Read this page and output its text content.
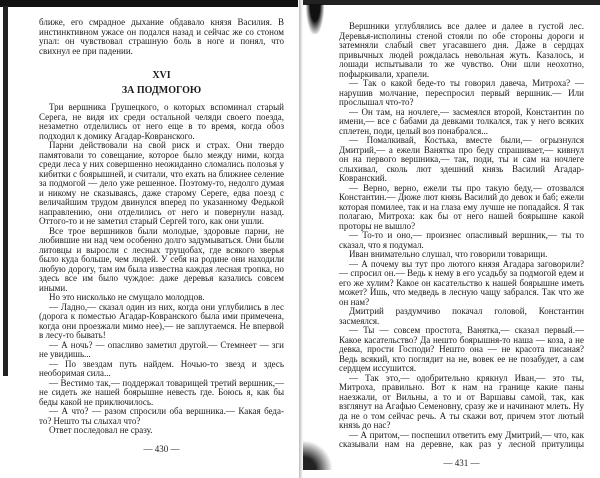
ближе, его смрадное дыхание обдавало князя Василия. В инстинктивном ужасе он подался назад и сейчас же со стоном упал: он чувствовал страшную боль в ноге и понял, что свихнул ее при падении.

XVI
ЗА ПОДМОГОЮ

Три вершника Грушецкого, о которых вспоминал старый Серега, не видя их среди остальной челяди своего поезда, незаметно отделились от него еще в то время, когда обоз подходил к домику Агадар-Ковранского.

Парни действовали на свой риск и страх. Они твердо памятовали то совещание, которое было между ними, когда среди леса у них совершенно неожиданно сломались полозья у кибитки с боярышней, и считали, что ехать на ближнее селение за подмогой — дело уже решенное. Поэтому-то, недолго думая и никому не сказываясь, даже старому Сереге, едва поезд с величайшим трудом двинулся вперед по указанному Федькой направлению, они отделились от него и повернули назад. Оттого-то и не заметил старый Сергей того, как они ушли.

Все трое вершников были молодые, здоровые парни, не любившие ни над чем особенно долго задумываться. Они были литовцы и выросли с лесных трущобах, где всякого зверья было куда больше, чем людей. У себя на родине они находили любую дорогу, там им была известна каждая лесная тропка, но здесь все им было чуждое: даже деревья казались совсем иными.

Но это нисколько не смущало молодцов.

— Ладно,— сказал один из них, когда они углубились в лес (дорога к поместью Агадар-Ковранского была ими примечена, когда они проезжали мимо нее),— не заплутаемся. Не впервой в лесу-то бывать!

— А ночь? — опасливо заметил другой.— Стемнеет — зги не увидишь...

— По звездам путь найдем. Ночью-то звезд и здесь необоримая сила...

— Вестимо так,— поддержал товарищей третий вершник,— не сидеть же нашей боярышне невесть где. Боюсь я, как бы беды какой не приключилось.

— А что? — разом спросили оба вершника.— Какая беда-то? Нешто ты слыхал что?

Ответ последовал не сразу.

— 430 —

Вершники углублялись все далее и далее в густой лес. Деревья-исполины стеной стояли по обе стороны дороги и затемняли слабый свет угасавшего дня. Даже в сердцах привычных людей рождалась невольная жуть. Казалось, и лошади испытывали то же чувство. Они шли неохотно, пофыркивали, храпели.

— Так о какой беде-то ты говорил давеча, Митроха? — нарушив молчание, переспросил первый вершник.— Или прослышал что-то?

— Он там, на ночлеге,— засмеялся второй, Константин по имени,— все с бабами да девками толкался, так у него всяких сплетен, поди, целый воз понабрался...

— Помалкивай, Костька, вместе были,— огрызнулся Дмитрий,— а ежели Ванятка про беду спрашивает,— кивнул он на первого вершника,— так, поди, ты и сам на ночлеге слыхивал, сколь лют здешний князь Василий Агадар-Ковранский.

— Верно, верно, ежели ты про такую беду,— отозвался Константин.— Дюже лют князь Василий до девок и баб; ежели которая помилее, так и на глаза ему лучше не попадайся. Я так полагаю, Митроха: как бы от него нашей боярышне какой проторы не вышло?

— То-то и оно,— произнес опасливый вершник,— ты то сказал, что я подумал.

Иван внимательно слушал, что говорили товарищи.

— А почему вы тут про лютого князя Агадара заговорили? — спросил он.— Ведь к нему в его усадьбу за подмогой едем и его же хулим? Какое он касательство к нашей боярышне иметь может? Ишь, что медведь в лесную чащу забрался. Так что же он нам?

Дмитрий раздумчиво покачал головой, Константин засмеялся.

— Ты — совсем простота, Ванятка,— сказал первый.— Какое касательство? Да нешто боярышня-то наша — коза, а не девка, прости Господи? Нешто она — не красота писаная? Ведь всякий, кто поглядит на не, вовек ее не позабудет, а сам сердцем иссушится.

— Так это,— одобрительно крякнул Иван,— это ты, Митроха, правильно. Вот к нам на границе какие паны наезжали, от Вильны, а то и от Варшавы самой, так, как взглянут на Агафью Семеновну, сразу же и начинают млеть. Ну да не о том сейчас речь. А ты скажи вот, причем этот лютый князь до нас?

— А притом,— поспешил ответить ему Дмитрий,— что, как сказывали нам на деревне, как раз у лесной притулицы

— 431 —
